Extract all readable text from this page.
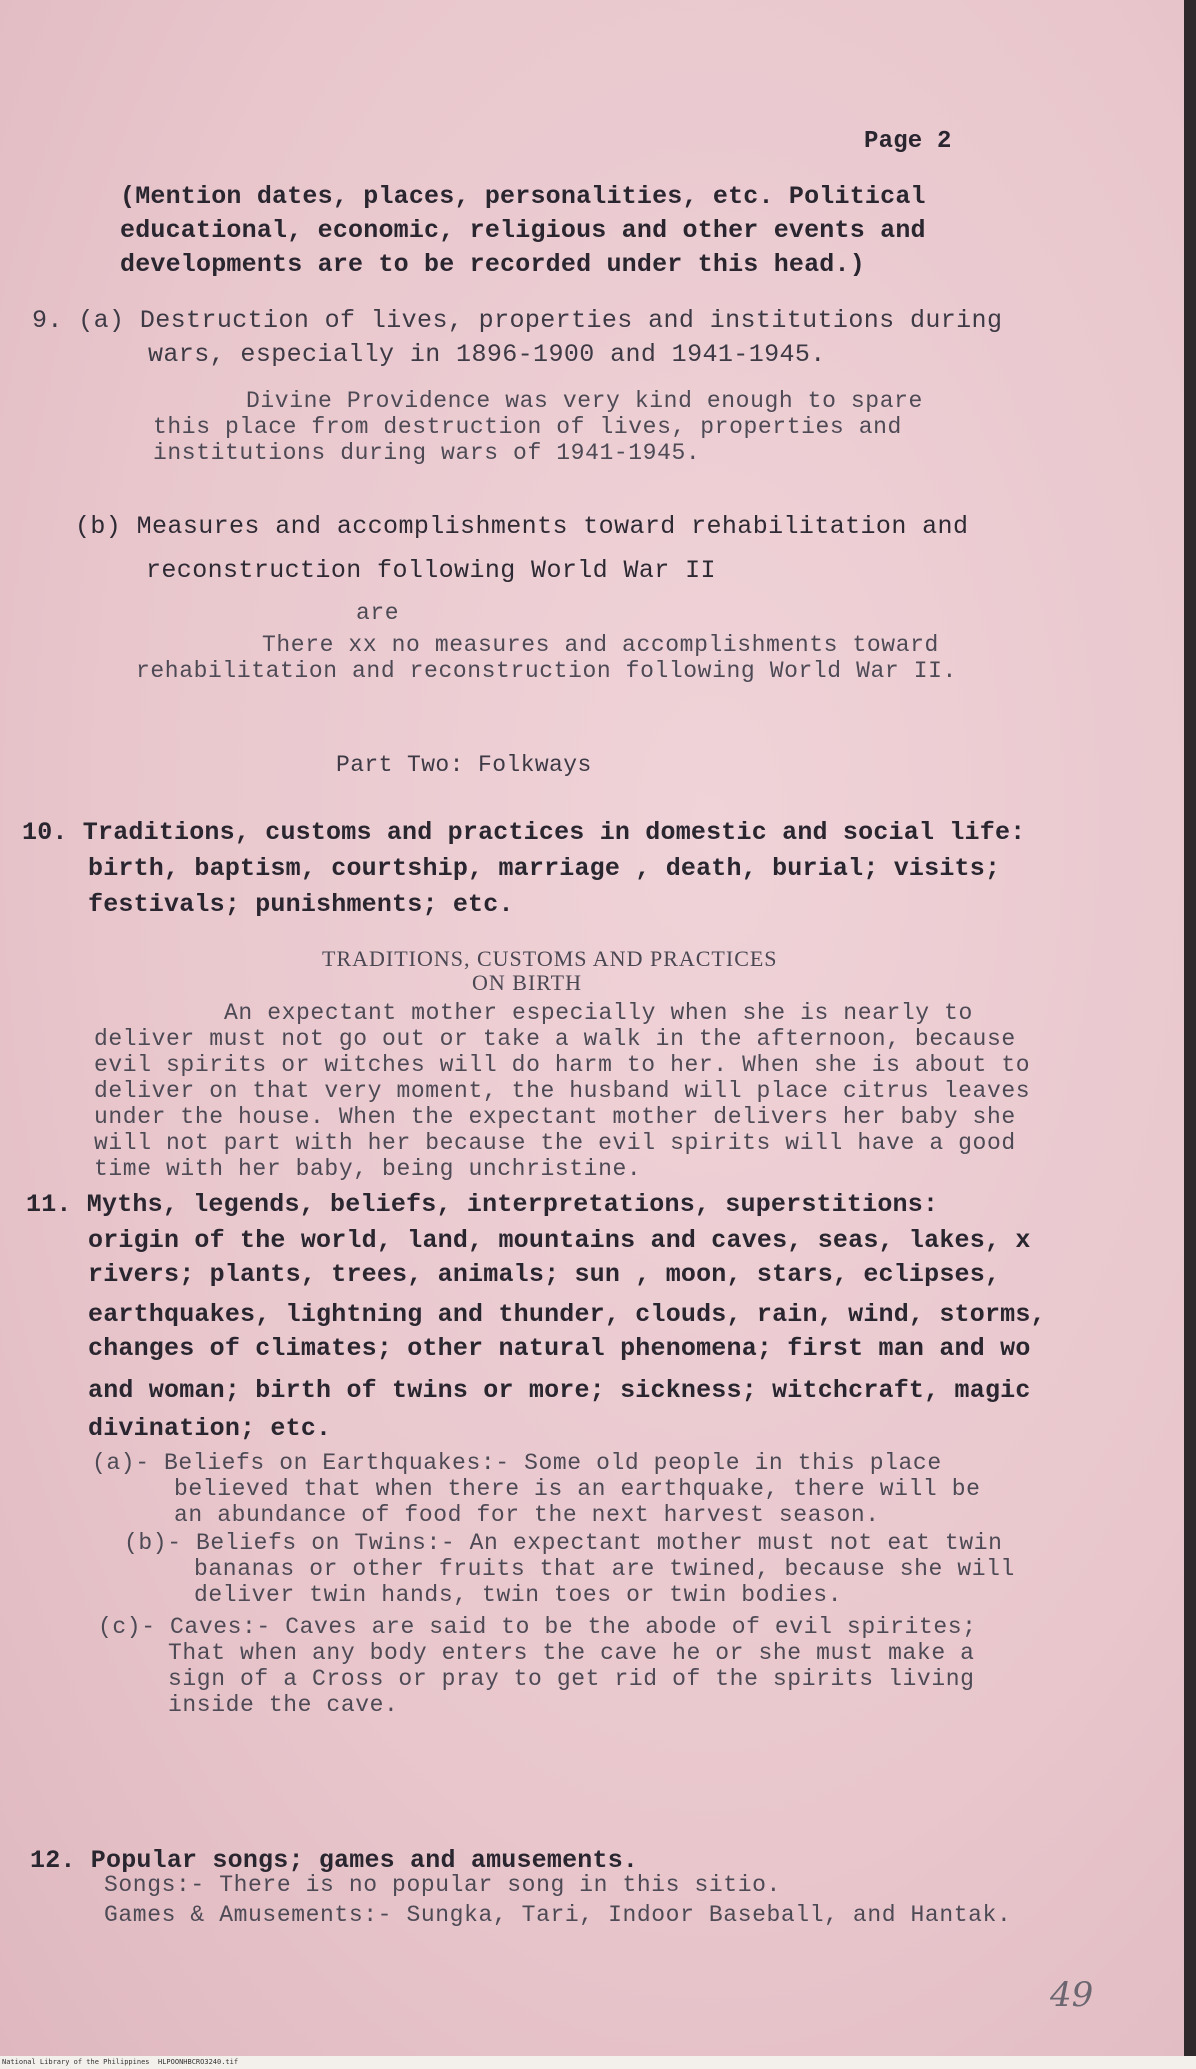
Page 2
(Mention dates, places, personalities, etc. Political
educational, economic, religious and other events and
developments are to be recorded under this head.)
9. (a) Destruction of lives, properties and institutions during
wars, especially in 1896-1900 and 1941-1945.
Divine Providence was very kind enough to spare
this place from destruction of lives, properties and
institutions during wars of 1941-1945.
(b) Measures and accomplishments toward rehabilitation and
reconstruction following World War II
are
There xx no measures and accomplishments toward
rehabilitation and reconstruction following World War II.
Part Two: Folkways
10. Traditions, customs and practices in domestic and social life:
birth, baptism, courtship, marriage , death, burial; visits;
festivals; punishments; etc.
TRADITIONS, CUSTOMS AND PRACTICES
ON BIRTH
An expectant mother especially when she is nearly to
deliver must not go out or take a walk in the afternoon, because
evil spirits or witches will do harm to her. When she is about to
deliver on that very moment, the husband will place citrus leaves
under the house. When the expectant mother delivers her baby she
will not part with her because the evil spirits will have a good
time with her baby, being unchristine.
11. Myths, legends, beliefs, interpretations, superstitions:
origin of the world, land, mountains and caves, seas, lakes, x
rivers; plants, trees, animals; sun , moon, stars, eclipses,
earthquakes, lightning and thunder, clouds, rain, wind, storms,
changes of climates; other natural phenomena; first man and wo
and woman; birth of twins or more; sickness; witchcraft, magic
divination; etc.
(a)- Beliefs on Earthquakes:- Some old people in this place
believed that when there is an earthquake, there will be
an abundance of food for the next harvest season.
(b)- Beliefs on Twins:- An expectant mother must not eat twin
bananas or other fruits that are twined, because she will
deliver twin hands, twin toes or twin bodies.
(c)- Caves:- Caves are said to be the abode of evil spirites;
That when any body enters the cave he or she must make a
sign of a Cross or pray to get rid of the spirits living
inside the cave.
12. Popular songs; games and amusements.
Songs:- There is no popular song in this sitio.
Games & Amusements:- Sungka, Tari, Indoor Baseball, and Hantak.
49
National Library of the Philippines HLPOONHBCRO3240.tif
